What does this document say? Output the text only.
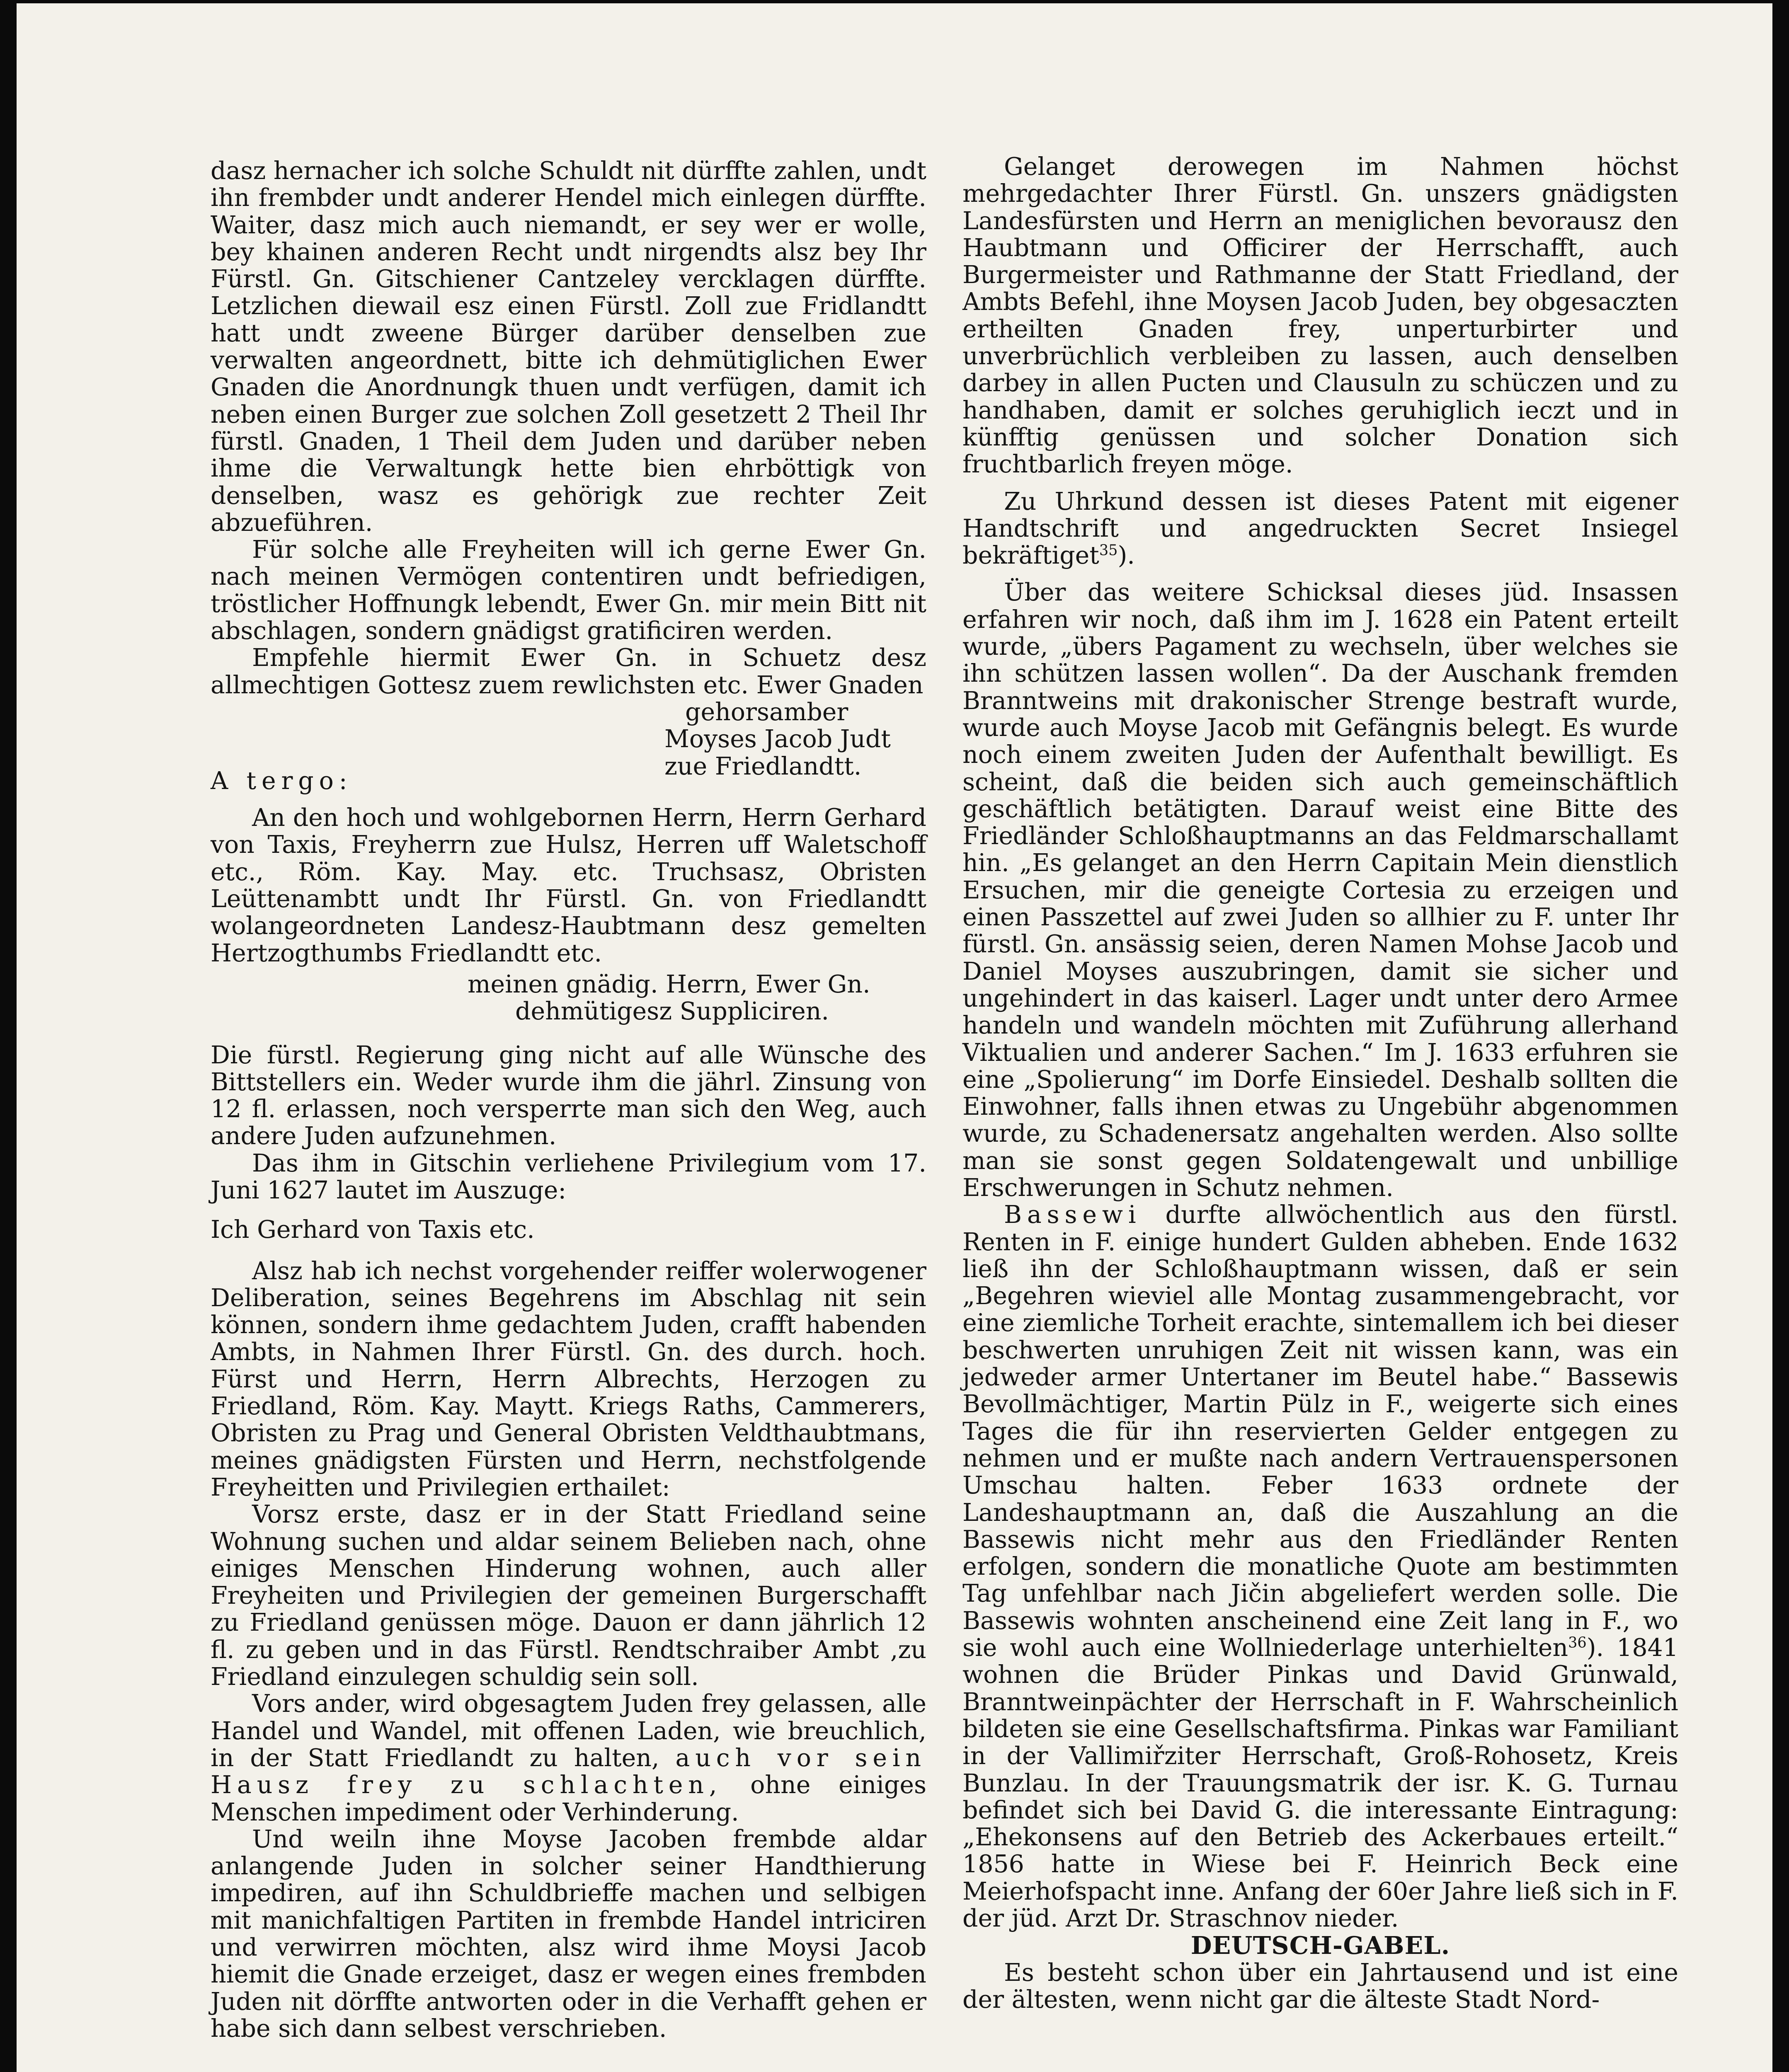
dasz hernacher ich solche Schuldt nit dürffte zahlen, undt ihn frembder undt anderer Hendel mich einlegen dürffte. Waiter, dasz mich auch niemandt, er sey wer er wolle, bey khainen anderen Recht undt nirgendts alsz bey Ihr Fürstl. Gn. Gitschiener Cantzeley vercklagen dürffte. Letzlichen diewail esz einen Fürstl. Zoll zue Fridlandtt hatt undt zweene Bürger darüber denselben zue verwalten angeordnett, bitte ich dehmütiglichen Ewer Gnaden die Anordnungk thuen undt verfügen, damit ich neben einen Burger zue solchen Zoll gesetzett 2 Theil Ihr fürstl. Gnaden, 1 Theil dem Juden und darüber neben ihme die Verwaltungk hette bien ehrböttigk von denselben, wasz es gehörigk zue rechter Zeit abzueführen.

Für solche alle Freyheiten will ich gerne Ewer Gn. nach meinen Vermögen contentiren undt befriedigen, tröstlicher Hoffnungk lebendt, Ewer Gn. mir mein Bitt nit abschlagen, sondern gnädigst gratificiren werden.

Empfehle hiermit Ewer Gn. in Schuetz desz allmechtigen Gottesz zuem rewlichsten etc. Ewer Gnaden

gehorsamber

Moyses Jacob Judt

zue Friedlandtt.

A tergo:

An den hoch und wohlgebornen Herrn, Herrn Gerhard von Taxis, Freyherrn zue Hulsz, Herren uff Waletschoff etc., Röm. Kay. May. etc. Truchsasz, Obristen Leüttenambtt undt Ihr Fürstl. Gn. von Friedlandtt wolangeordneten Landesz-Haubtmann desz gemelten Hertzogthumbs Friedlandtt etc.

meinen gnädig. Herrn, Ewer Gn.

dehmütigesz Suppliciren.

Die fürstl. Regierung ging nicht auf alle Wünsche des Bittstellers ein. Weder wurde ihm die jährl. Zinsung von 12 fl. erlassen, noch versperrte man sich den Weg, auch andere Juden aufzunehmen.

Das ihm in Gitschin verliehene Privilegium vom 17. Juni 1627 lautet im Auszuge:

Ich Gerhard von Taxis etc.

Alsz hab ich nechst vorgehender reiffer wolerwogener Deliberation, seines Begehrens im Abschlag nit sein können, sondern ihme gedachtem Juden, crafft habenden Ambts, in Nahmen Ihrer Fürstl. Gn. des durch. hoch. Fürst und Herrn, Herrn Albrechts, Herzogen zu Friedland, Röm. Kay. Maytt. Kriegs Raths, Cammerers, Obristen zu Prag und General Obristen Veldthaubtmans, meines gnädigsten Fürsten und Herrn, nechstfolgende Freyheitten und Privilegien erthailet:

Vorsz erste, dasz er in der Statt Friedland seine Wohnung suchen und aldar seinem Belieben nach, ohne einiges Menschen Hinderung wohnen, auch aller Freyheiten und Privilegien der gemeinen Burgerschafft zu Friedland genüssen möge. Dauon er dann jährlich 12 fl. zu geben und in das Fürstl. Rendtschraiber Ambt ,zu Friedland einzulegen schuldig sein soll.

Vors ander, wird obgesagtem Juden frey gelassen, alle Handel und Wandel, mit offenen Laden, wie breuchlich, in der Statt Friedlandt zu halten, auch vor sein Hausz frey zu schlachten, ohne einiges Menschen impediment oder Verhinderung.

Und weiln ihne Moyse Jacoben frembde aldar anlangende Juden in solcher seiner Handthierung impediren, auf ihn Schuldbrieffe machen und selbigen mit manichfaltigen Partiten in frembde Handel intriciren und verwirren möchten, alsz wird ihme Moysi Jacob hiemit die Gnade erzeiget, dasz er wegen eines frembden Juden nit dörffte antworten oder in die Verhafft gehen er habe sich dann selbest verschrieben.

Gelanget derowegen im Nahmen höchst mehrgedachter Ihrer Fürstl. Gn. unszers gnädigsten Landesfürsten und Herrn an meniglichen bevorausz den Haubtmann und Officirer der Herrschafft, auch Burgermeister und Rathmanne der Statt Friedland, der Ambts Befehl, ihne Moysen Jacob Juden, bey obgesaczten ertheilten Gnaden frey, unperturbirter und unverbrüchlich verbleiben zu lassen, auch denselben darbey in allen Pucten und Clausuln zu schüczen und zu handhaben, damit er solches geruhiglich ieczt und in künfftig genüssen und solcher Donation sich fruchtbarlich freyen möge.

Zu Uhrkund dessen ist dieses Patent mit eigener Handtschrift und angedruckten Secret Insiegel bekräftiget$^{35}$).

Über das weitere Schicksal dieses jüd. Insassen erfahren wir noch, daß ihm im J. 1628 ein Patent erteilt wurde, „übers Pagament zu wechseln, über welches sie ihn schützen lassen wollen“. Da der Auschank fremden Branntweins mit drakonischer Strenge bestraft wurde, wurde auch Moyse Jacob mit Gefängnis belegt. Es wurde noch einem zweiten Juden der Aufenthalt bewilligt. Es scheint, daß die beiden sich auch gemeinschäftlich geschäftlich betätigten. Darauf weist eine Bitte des Friedländer Schloßhauptmanns an das Feldmarschallamt hin. „Es gelanget an den Herrn Capitain Mein dienstlich Ersuchen, mir die geneigte Cortesia zu erzeigen und einen Passzettel auf zwei Juden so allhier zu F. unter Ihr fürstl. Gn. ansässig seien, deren Namen Mohse Jacob und Daniel Moyses auszubringen, damit sie sicher und ungehindert in das kaiserl. Lager undt unter dero Armee handeln und wandeln möchten mit Zuführung allerhand Viktualien und anderer Sachen.“ Im J. 1633 erfuhren sie eine „Spolierung“ im Dorfe Einsiedel. Deshalb sollten die Einwohner, falls ihnen etwas zu Ungebühr abgenommen wurde, zu Schadenersatz angehalten werden. Also sollte man sie sonst gegen Soldatengewalt und unbillige Erschwerungen in Schutz nehmen.

Bassewi durfte allwöchentlich aus den fürstl. Renten in F. einige hundert Gulden abheben. Ende 1632 ließ ihn der Schloßhauptmann wissen, daß er sein „Begehren wieviel alle Montag zusammengebracht, vor eine ziemliche Torheit erachte, sintemallem ich bei dieser beschwerten unruhigen Zeit nit wissen kann, was ein jedweder armer Untertaner im Beutel habe.“ Bassewis Bevollmächtiger, Martin Pülz in F., weigerte sich eines Tages die für ihn reservierten Gelder entgegen zu nehmen und er mußte nach andern Vertrauenspersonen Umschau halten. Feber 1633 ordnete der Landeshauptmann an, daß die Auszahlung an die Bassewis nicht mehr aus den Friedländer Renten erfolgen, sondern die monatliche Quote am bestimmten Tag unfehlbar nach Jičin abgeliefert werden solle. Die Bassewis wohnten anscheinend eine Zeit lang in F., wo sie wohl auch eine Wollniederlage unterhielten$^{36}$). 1841 wohnen die Brüder Pinkas und David Grünwald, Branntweinpächter der Herrschaft in F. Wahrscheinlich bildeten sie eine Gesellschaftsfirma. Pinkas war Familiant in der Vallimiřziter Herrschaft, Groß-Rohosetz, Kreis Bunzlau. In der Trauungsmatrik der isr. K. G. Turnau befindet sich bei David G. die interessante Eintragung: „Ehekonsens auf den Betrieb des Ackerbaues erteilt.“ 1856 hatte in Wiese bei F. Heinrich Beck eine Meierhofspacht inne. Anfang der 60er Jahre ließ sich in F. der jüd. Arzt Dr. Straschnov nieder.

DEUTSCH-GABEL.

Es besteht schon über ein Jahrtausend und ist eine der ältesten, wenn nicht gar die älteste Stadt Nord-
